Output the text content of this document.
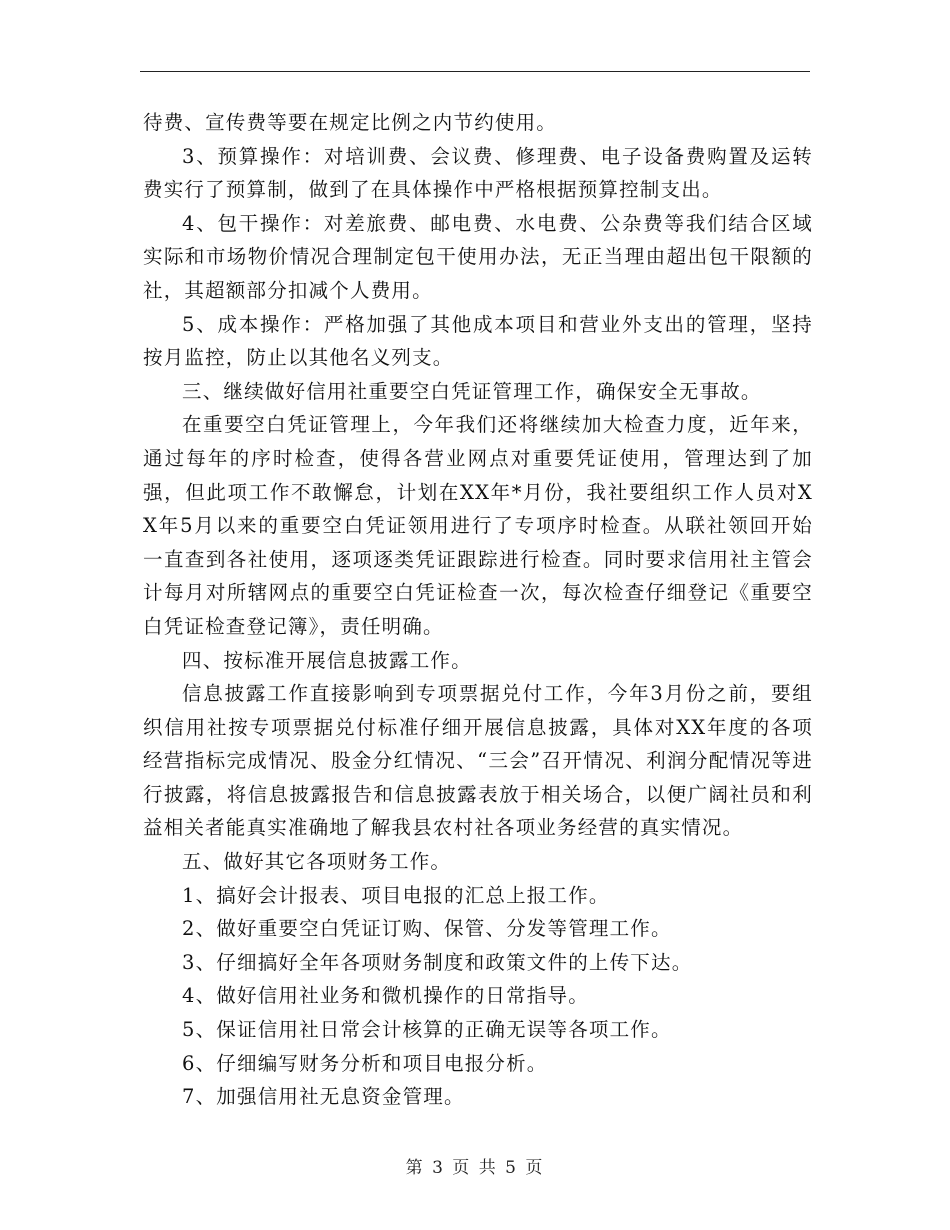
待费、宣传费等要在规定比例之内节约使用。

3、预算操作：对培训费、会议费、修理费、电子设备费购置及运转费实行了预算制，做到了在具体操作中严格根据预算控制支出。

4、包干操作：对差旅费、邮电费、水电费、公杂费等我们结合区域实际和市场物价情况合理制定包干使用办法，无正当理由超出包干限额的社，其超额部分扣减个人费用。

5、成本操作：严格加强了其他成本项目和营业外支出的管理，坚持按月监控，防止以其他名义列支。

三、继续做好信用社重要空白凭证管理工作，确保安全无事故。

在重要空白凭证管理上，今年我们还将继续加大检查力度，近年来，通过每年的序时检查，使得各营业网点对重要凭证使用，管理达到了加强，但此项工作不敢懈怠，计划在XX年*月份，我社要组织工作人员对XX年5月以来的重要空白凭证领用进行了专项序时检查。从联社领回开始一直查到各社使用，逐项逐类凭证跟踪进行检查。同时要求信用社主管会计每月对所辖网点的重要空白凭证检查一次，每次检查仔细登记《重要空白凭证检查登记簿》，责任明确。

四、按标准开展信息披露工作。

信息披露工作直接影响到专项票据兑付工作，今年3月份之前，要组织信用社按专项票据兑付标准仔细开展信息披露，具体对XX年度的各项经营指标完成情况、股金分红情况、“三会”召开情况、利润分配情况等进行披露，将信息披露报告和信息披露表放于相关场合，以便广阔社员和利益相关者能真实准确地了解我县农村社各项业务经营的真实情况。

五、做好其它各项财务工作。

1、搞好会计报表、项目电报的汇总上报工作。

2、做好重要空白凭证订购、保管、分发等管理工作。

3、仔细搞好全年各项财务制度和政策文件的上传下达。

4、做好信用社业务和微机操作的日常指导。

5、保证信用社日常会计核算的正确无误等各项工作。

6、仔细编写财务分析和项目电报分析。

7、加强信用社无息资金管理。

第 3 页 共 5 页
